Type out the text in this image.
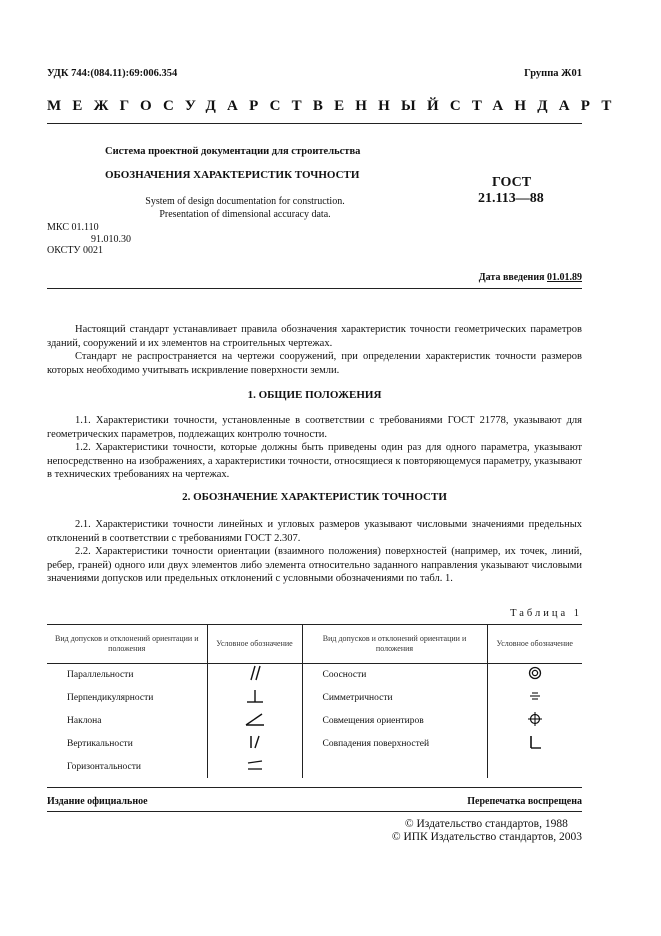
УДК 744:(084.11):69:006.354	Группа Ж01
МЕЖГОСУДАРСТВЕННЫЙ СТАНДАРТ
Система проектной документации для строительства
ОБОЗНАЧЕНИЯ ХАРАКТЕРИСТИК ТОЧНОСТИ
System of design documentation for construction.
Presentation of dimensional accuracy data.
ГОСТ
21.113—88
МКС 01.110
91.010.30
ОКСТУ 0021
Дата введения 01.01.89
Настоящий стандарт устанавливает правила обозначения характеристик точности геометрических параметров зданий, сооружений и их элементов на строительных чертежах.
Стандарт не распространяется на чертежи сооружений, при определении характеристик точности размеров которых необходимо учитывать искривление поверхности земли.
1. ОБЩИЕ ПОЛОЖЕНИЯ
1.1. Характеристики точности, установленные в соответствии с требованиями ГОСТ 21778, указывают для геометрических параметров, подлежащих контролю точности.
1.2. Характеристики точности, которые должны быть приведены один раз для одного параметра, указывают непосредственно на изображениях, а характеристики точности, относящиеся к повторяющемуся параметру, указывают в технических требованиях на чертежах.
2. ОБОЗНАЧЕНИЕ ХАРАКТЕРИСТИК ТОЧНОСТИ
2.1. Характеристики точности линейных и угловых размеров указывают числовыми значениями предельных отклонений в соответствии с требованиями ГОСТ 2.307.
2.2. Характеристики точности ориентации (взаимного положения) поверхностей (например, их точек, линий, ребер, граней) одного или двух элементов либо элемента относительно заданного направления указывают числовыми значениями допусков или предельных отклонений с условными обозначениями по табл. 1.
Таблица 1
Вид допусков и отклонений ориентации и положения	Условное обозначение	Вид допусков и отклонений ориентации и положения	Условное обозначение
Параллельности		Соосности	
Перпендикулярности		Симметричности	
Наклона		Совмещения ориентиров	
Вертикальности		Совпадения поверхностей	
Горизонтальности			
Издание официальное	Перепечатка воспрещена
© Издательство стандартов, 1988
© ИПК Издательство стандартов, 2003
